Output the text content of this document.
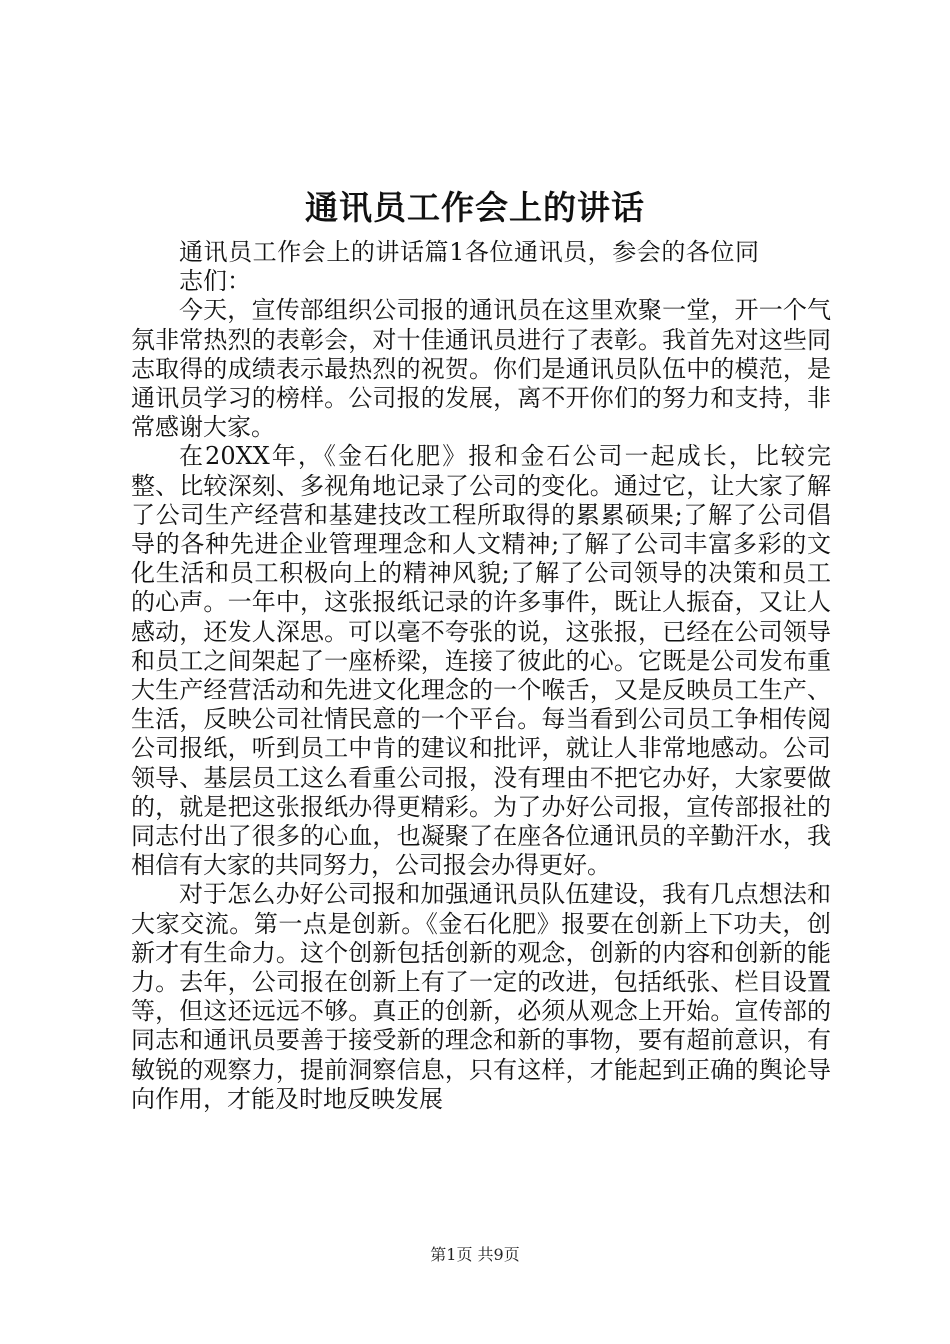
通讯员工作会上的讲话

通讯员工作会上的讲话篇1各位通讯员，参会的各位同志们：

今天，宣传部组织公司报的通讯员在这里欢聚一堂，开一个气氛非常热烈的表彰会，对十佳通讯员进行了表彰。我首先对这些同志取得的成绩表示最热烈的祝贺。你们是通讯员队伍中的模范，是通讯员学习的榜样。公司报的发展，离不开你们的努力和支持，非常感谢大家。

在20XX年，《金石化肥》报和金石公司一起成长，比较完整、比较深刻、多视角地记录了公司的变化。通过它，让大家了解了公司生产经营和基建技改工程所取得的累累硕果;了解了公司倡导的各种先进企业管理理念和人文精神;了解了公司丰富多彩的文化生活和员工积极向上的精神风貌;了解了公司领导的决策和员工的心声。一年中，这张报纸记录的许多事件，既让人振奋，又让人感动，还发人深思。可以毫不夸张的说，这张报，已经在公司领导和员工之间架起了一座桥梁，连接了彼此的心。它既是公司发布重大生产经营活动和先进文化理念的一个喉舌，又是反映员工生产、生活，反映公司社情民意的一个平台。每当看到公司员工争相传阅公司报纸，听到员工中肯的建议和批评，就让人非常地感动。公司领导、基层员工这么看重公司报，没有理由不把它办好，大家要做的，就是把这张报纸办得更精彩。为了办好公司报，宣传部报社的同志付出了很多的心血，也凝聚了在座各位通讯员的辛勤汗水，我相信有大家的共同努力，公司报会办得更好。

对于怎么办好公司报和加强通讯员队伍建设，我有几点想法和大家交流。第一点是创新。《金石化肥》报要在创新上下功夫，创新才有生命力。这个创新包括创新的观念，创新的内容和创新的能力。去年，公司报在创新上有了一定的改进，包括纸张、栏目设置等，但这还远远不够。真正的创新，必须从观念上开始。宣传部的同志和通讯员要善于接受新的理念和新的事物，要有超前意识，有敏锐的观察力，提前洞察信息，只有这样，才能起到正确的舆论导向作用，才能及时地反映发展

第1页 共9页
